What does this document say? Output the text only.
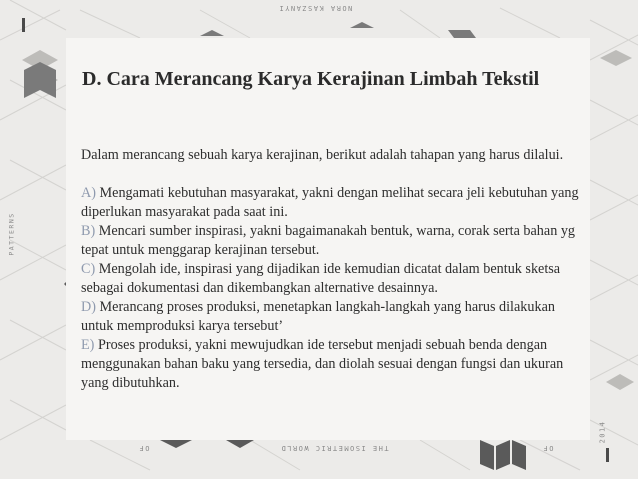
NORA KASZANYI
THE ISOMETRIC WORLD
OF	OF
PATTERNS
2014
D. Cara Merancang Karya Kerajinan Limbah Tekstil

Dalam merancang sebuah karya kerajinan, berikut adalah tahapan yang harus dilalui.

A) Mengamati kebutuhan masyarakat, yakni dengan melihat secara jeli kebutuhan yang diperlukan masyarakat pada saat ini.

B) Mencari sumber inspirasi, yakni bagaimanakah bentuk, warna, corak serta bahan yg tepat untuk menggarap kerajinan tersebut.

C) Mengolah ide, inspirasi yang dijadikan ide kemudian dicatat dalam bentuk sketsa sebagai dokumentasi dan dikembangkan alternative desainnya.

D) Merancang proses produksi, menetapkan langkah-langkah yang harus dilakukan untuk memproduksi karya tersebut’

E) Proses produksi, yakni mewujudkan ide tersebut menjadi sebuah benda dengan menggunakan bahan baku yang tersedia, dan diolah sesuai dengan fungsi dan ukuran yang dibutuhkan.
